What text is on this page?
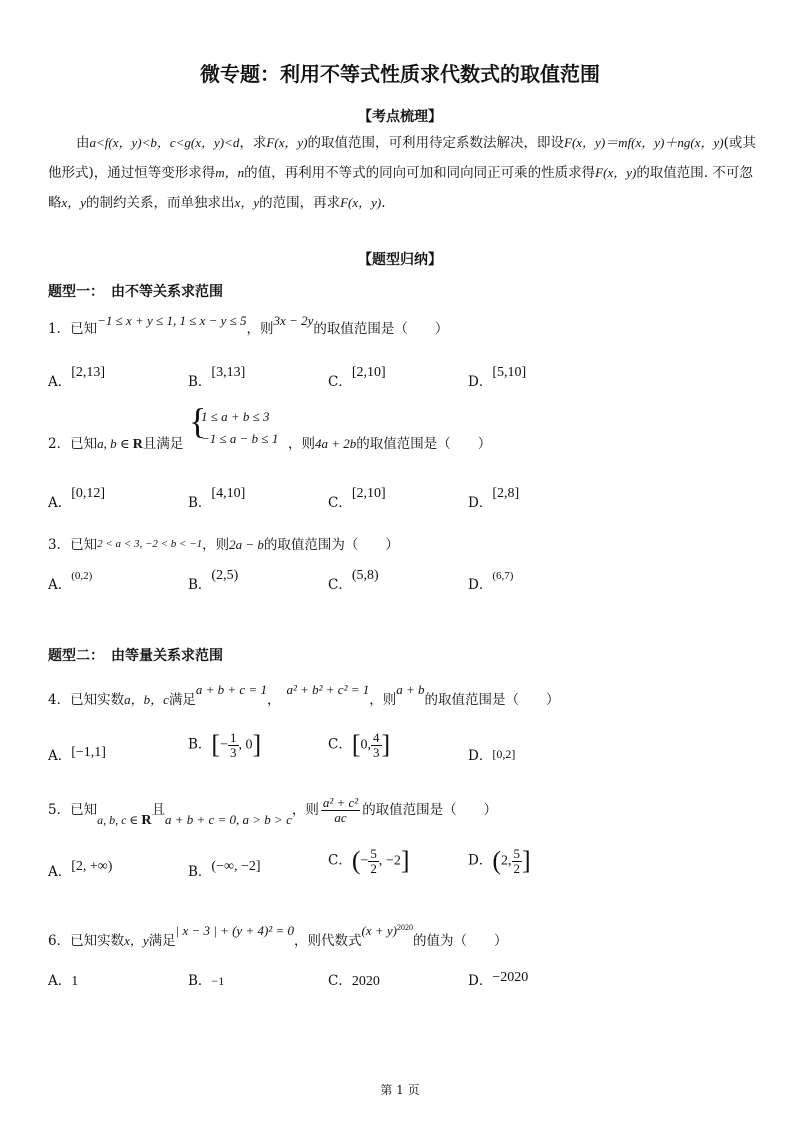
微专题：利用不等式性质求代数式的取值范围
【考点梳理】
由a<f(x，y)<b，c<g(x，y)<d，求F(x，y)的取值范围，可利用待定系数法解决，即设F(x，y)＝mf(x，y)＋ng(x，y)(或其他形式)，通过恒等变形求得m，n的值，再利用不等式的同向可加和同向同正可乘的性质求得F(x，y)的取值范围. 不可忽略x，y的制约关系，而单独求出x，y的范围，再求F(x，y).
【题型归纳】
题型一：　由不等关系求范围
1．已知−1 ≤ x + y ≤ 1, 1 ≤ x − y ≤ 5，则3x − 2y的取值范围是（　　）
A．[2,13]
B．[3,13]
C．[2,10]
D．[5,10]
2．已知a, b ∈ R且满足
{
1 ≤ a + b ≤ 3
−1 ≤ a − b ≤ 1 ，则4a + 2b的取值范围是（　　）
A．[0,12]
B．[4,10]
C．[2,10]
D．[2,8]
3．已知2 < a < 3, −2 < b < −1，则2a − b的取值范围为（　　）
A．$^{(0,2)}$
B．(2,5)
C．(5,8)
D．$^{(6,7)}$
题型二：　由等量关系求范围
4．已知实数a，b，c满足a + b + c = 1，a² + b² + c² = 1，则a + b的取值范围是（　　）
A．[−1,1]	B．[− $\frac{1}{3}$ , 0]	C．[0, $\frac{4}{3}$ ]	D．[0,2]
5．已知a, b, c ∈ R且a + b + c = 0, a > b > c，则 $\frac{\text{a² + c²}}{ac}$ 的取值范围是（　　）
A．[2, +∞)	B．(−∞, −2]	C．(− $\frac{5}{2}$ , −2]	D．(2, $\frac{5}{2}$ ]
6．已知实数x，y满足| x − 3 | + (y + 4)² = 0，则代数式$(x + y)^{2020}$的值为（　　）
A．1	B．−1	C．2020	D．−2020
第 1 页
